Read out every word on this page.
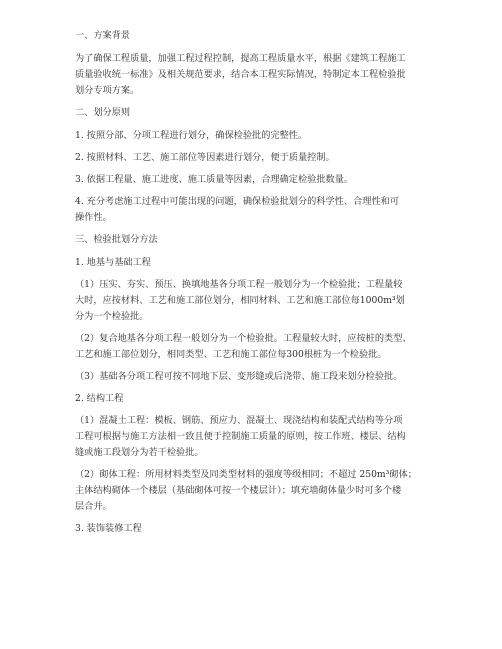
一、方案背景
为了确保工程质量，加强工程过程控制，提高工程质量水平，根据《建筑工程施工
质量验收统一标准》及相关规范要求，结合本工程实际情况，特制定本工程检验批
划分专项方案。
二、划分原则
1. 按照分部、分项工程进行划分，确保检验批的完整性。
2. 按照材料、工艺、施工部位等因素进行划分，便于质量控制。
3. 依据工程量、施工进度、施工质量等因素，合理确定检验批数量。
4. 充分考虑施工过程中可能出现的问题，确保检验批划分的科学性、合理性和可
操作性。
三、检验批划分方法
1. 地基与基础工程
（1）压实、夯实、预压、换填地基各分项工程一般划分为一个检验批；工程量较
大时，应按材料、工艺和施工部位划分，相同材料、工艺和施工部位每1000m³划
分为一个检验批。
（2）复合地基各分项工程一般划分为一个检验批。工程量较大时，应按桩的类型、
工艺和施工部位划分，相同类型、工艺和施工部位每300根桩为一个检验批。
（3）基础各分项工程可按不同地下层、变形缝或后浇带、施工段来划分检验批。
2. 结构工程
（1）混凝土工程：模板、钢筋、预应力、混凝土、现浇结构和装配式结构等分项
工程可根据与施工方法相一致且便于控制施工质量的原则，按工作班、楼层、结构
缝或施工段划分为若干检验批。
（2）砌体工程：所用材料类型及同类型材料的强度等级相同；不超过 250m³砌体；
主体结构砌体一个楼层（基础砌体可按一个楼层计）；填充墙砌体量少时可多个楼
层合并。
3. 装饰装修工程
